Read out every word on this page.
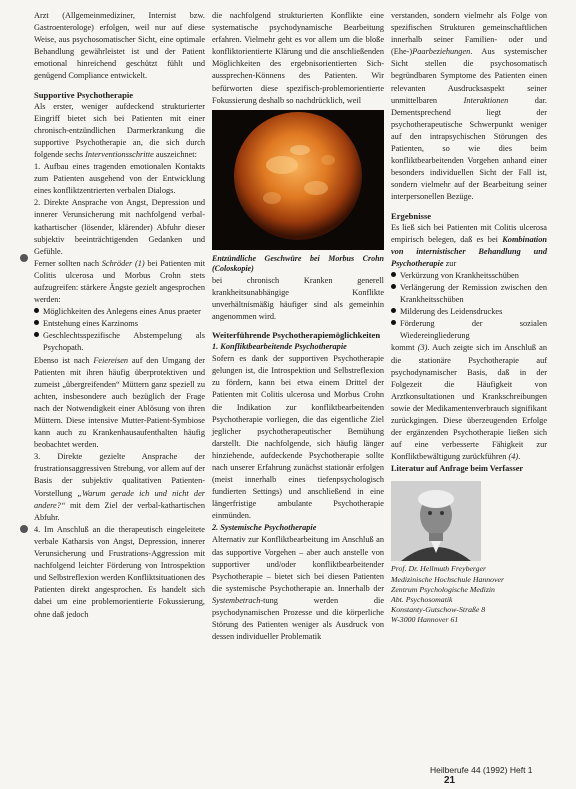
Arzt (Allgemeinmediziner, Internist bzw. Gastroenterologe) erfolgen, weil nur auf diese Weise, aus psychosomatischer Sicht, eine optimale Behandlung gewährleistet ist und der Patient emotional hinreichend geschützt fühlt und genügend Compliance entwickelt.

Supportive Psychotherapie

Als erster, weniger aufdeckend strukturierter Eingriff bietet sich bei Patienten mit einer chronisch-entzündlichen Darmerkrankung die supportive Psychotherapie an, die sich durch folgende sechs Interventionsschritte auszeichnet:

1. Aufbau eines tragenden emotionalen Kontakts zum Patienten ausgehend von der Entwicklung eines konfliktzentrierten verbalen Dialogs.

2. Direkte Ansprache von Angst, Depression und innerer Verunsicherung mit nachfolgend verbal-kathartischer (lösender, klärender) Abfuhr dieser subjektiv beeinträchtigenden Gedanken und Gefühle.

Ferner sollten nach Schröder (1) bei Patienten mit Colitis ulcerosa und Morbus Crohn stets aufzugreifen: stärkere Ängste gezielt angesprochen werden:

Möglichkeiten des Anlegens eines Anus praeter

Entstehung eines Karzinoms

Geschlechtsspezifische Abstempelung als Psychopath.

Ebenso ist nach Feiereisen auf den Umgang der Patienten mit ihren häufig überprotektiven und zumeist „übergreifenden“ Müttern ganz speziell zu achten, insbesondere auch bezüglich der Frage nach der Notwendigkeit einer Ablösung von ihren Müttern. Diese intensive Mutter-Patient-Symbiose kann auch zu Krankenhausaufenthalten häufig beobachtet werden.

3. Direkte gezielte Ansprache der frustrationsaggressiven Strebung, vor allem auf der Basis der subjektiv qualitativen Patienten-Vorstellung „Warum gerade ich und nicht der andere?“ mit dem Ziel der verbal-kathartischen Abfuhr.

4. Im Anschluß an die therapeutisch eingeleitete verbale Katharsis von Angst, Depression, innerer Verunsicherung und Frustrations-Aggression mit nachfolgend leichter Förderung von Introspektion und Selbstreflexion werden Konfliktsituationen des Patienten direkt angesprochen. Es handelt sich dabei um eine problemorientierte Fokussierung, ohne daß jedoch

die nachfolgend strukturierten Konflikte eine systematische psychodynamische Bearbeitung erfahren. Vielmehr geht es vor allem um die bloße konfliktorientierte Klärung und die anschließenden Möglichkeiten des ergebnisorientierten Sich-aussprechen-Könnens des Patienten. Wir befürworten diese spezifisch-problemorientierte Fokussierung deshalb so nachdrücklich, weil

Entzündliche Geschwüre bei Morbus Crohn (Coloskopie)

bei chronisch Kranken generell krankheitsunabhängige Konflikte unverhältnismäßig häufiger sind als gemeinhin angenommen wird.

Weiterführende Psychotherapiemöglichkeiten
1. Konfliktbearbeitende Psychotherapie

Sofern es dank der supportiven Psychotherapie gelungen ist, die Introspektion und Selbstreflexion zu fördern, kann bei etwa einem Drittel der Patienten mit Colitis ulcerosa und Morbus Crohn die Indikation zur konfliktbearbeitenden Psychotherapie vorliegen, die das eigentliche Ziel jeglicher psychotherapeutischer Bemühung darstellt. Die nachfolgende, sich häufig länger hinziehende, aufdeckende Psychotherapie sollte nach unserer Erfahrung zunächst stationär erfolgen (meist innerhalb eines tiefenpsychologisch fundierten Settings) und anschließend in eine längerfristige ambulante Psychotherapie einmünden.

2. Systemische Psychotherapie

Alternativ zur Konfliktbearbeitung im Anschluß an das supportive Vorgehen – aber auch anstelle von supportiver und/oder konfliktbearbeitender Psychotherapie – bietet sich bei diesen Patienten die systemische Psychotherapie an. Innerhalb der Systembetrach-tung werden die psychodynamischen Prozesse und die körperliche Störung des Patienten weniger als Ausdruck von dessen individueller Problematik

verstanden, sondern vielmehr als Folge von spezifischen Strukturen gemeinschaftlichen innerhalb seiner Familien- oder und (Ehe-)Paarbeziehungen. Aus systemischer Sicht stellen die psychosomatisch begründbaren Symptome des Patienten einen relevanten Ausdrucksaspekt seiner unmittelbaren	Interaktionen	dar. Dementsprechend liegt der psychotherapeutische Schwerpunkt weniger auf den intrapsychischen Störungen des Patienten, so wie dies beim konfliktbearbeitenden Vorgehen anhand einer besonders individuellen Sicht der Fall ist, sondern vielmehr auf der Bearbeitung seiner interpersonellen Bezüge.

Ergebnisse

Es ließ sich bei Patienten mit Colitis ulcerosa empirisch belegen, daß es bei Kombination von internistischer Behandlung und Psychotherapie zur

Verkürzung von Krankheitsschüben

Verlängerung der Remission zwischen den Krankheitsschüben

Milderung des Leidensdruckes

Förderung der sozialen Wiedereingliederung

kommt (3). Auch zeigte sich im Anschluß an die stationäre Psychotherapie auf psychodynamischer Basis, daß in der Folgezeit die Häufigkeit von Arztkonsultationen und Krankschreibungen sowie der Medikamentenverbrauch signifikant zurückgingen. Diese überzeugenden Erfolge der ergänzenden Psychotherapie ließen sich auf eine verbesserte Fähigkeit zur Konfliktbewältigung zurückführen (4).

Literatur auf Anfrage beim Verfasser

Prof. Dr. Hellmuth Freyberger
Medizinische Hochschule Hannover
Zentrum Psychologische Medizin
Abt. Psychosomatik
Konstanty-Gutschow-Straße 8
W-3000 Hannover 61

Heilberufe 44 (1992) Heft 1 21
